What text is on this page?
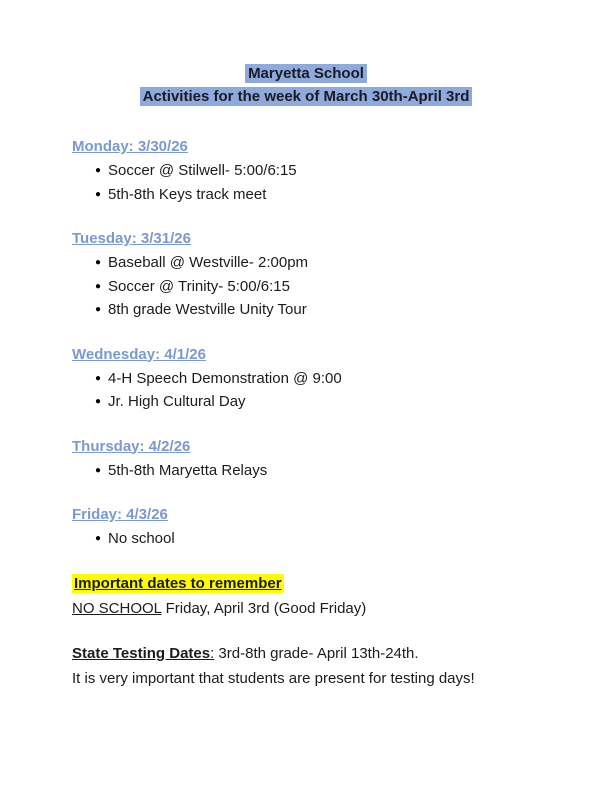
Maryetta School
Activities for the week of March 30th-April 3rd
Monday: 3/30/26
● Soccer @ Stilwell- 5:00/6:15
● 5th-8th Keys track meet
Tuesday: 3/31/26
● Baseball @ Westville- 2:00pm
● Soccer @ Trinity- 5:00/6:15
● 8th grade Westville Unity Tour
Wednesday: 4/1/26
● 4-H Speech Demonstration @ 9:00
● Jr. High Cultural Day
Thursday: 4/2/26
● 5th-8th Maryetta Relays
Friday: 4/3/26
● No school
Important dates to remember
NO SCHOOL Friday, April 3rd (Good Friday)
State Testing Dates: 3rd-8th grade- April 13th-24th.
It is very important that students are present for testing days!
